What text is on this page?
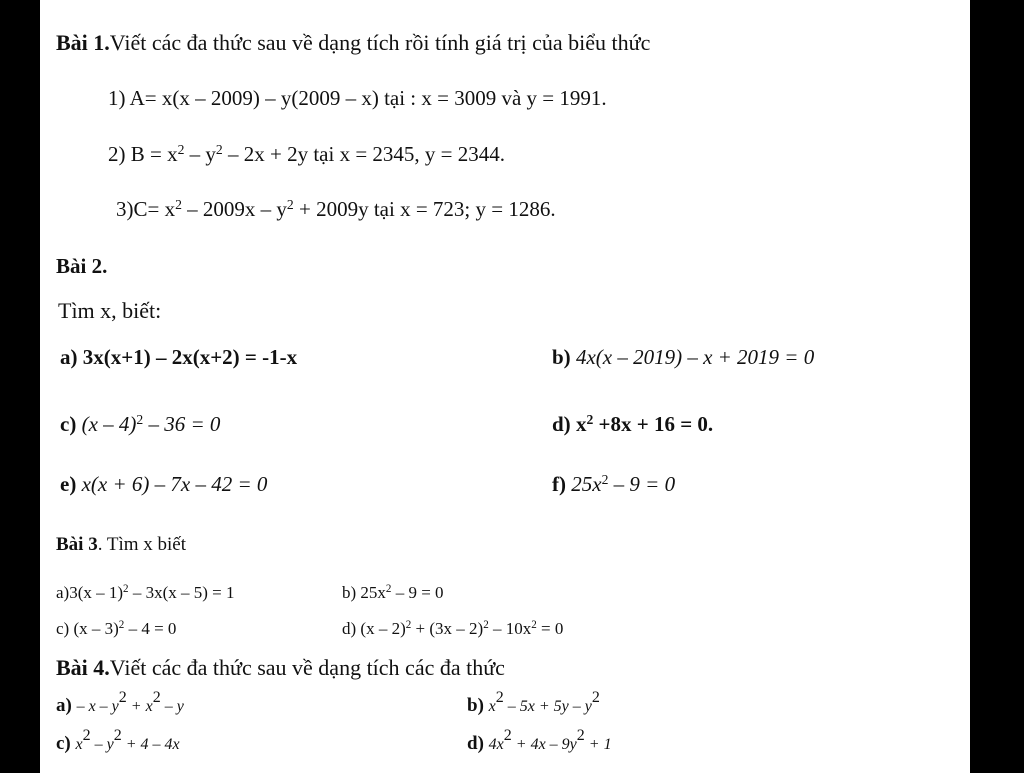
Bài 1.Viết các đa thức sau về dạng tích rồi tính giá trị của biểu thức
1) A= x(x – 2009) – y(2009 – x) tại : x = 3009 và y = 1991.
2) $B = x^2 - y^2 - 2x + 2y$ tại x = 2345, y = 2344.
$3)C= x^2 - 2009x - y^2 + 2009y$ tại x = 723; y = 1286.
Bài 2.
Tìm x, biết:
a) 3x(x+1) – 2x(x+2) = -1-x	b) 4x(x – 2019) – x + 2019 = 0
c) (x – 4)$^2$ – 36 = 0	d) $x^2 +8x + 16 = 0$.
e) x(x + 6) – 7x – 42 = 0	f) $25x^2 - 9 = 0$
Bài 3. Tìm x biết
a)3(x – 1)$^2$ – 3x(x – 5) = 1	b) $25x^2 - 9 = 0$
c) (x – 3)$^2$ – 4 = 0	d) $(x - 2)^2 + (3x - 2)^2 - 10x^2 = 0$
Bài 4.Viết các đa thức sau về dạng tích các đa thức
$a) - x - y^2 + x^2 - y$	b) $x^2 - 5x + 5y - y^2$
c) $x^2 - y^2 + 4 - 4x$	d) $4x^2 + 4x - 9y^2 + 1$
